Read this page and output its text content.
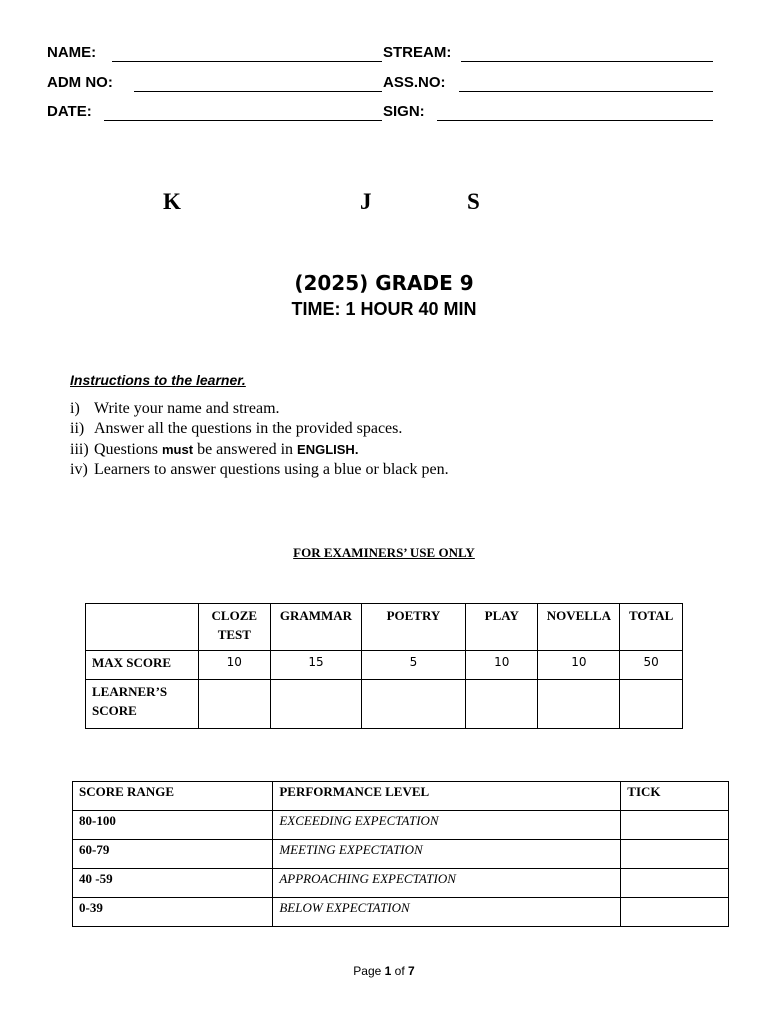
NAME:	STREAM:
ADM NO:	ASS.NO:
DATE:	SIGN:
K	J	S
(2025) GRADE 9
TIME: 1 HOUR 40 MIN
Instructions to the learner.
i) Write your name and stream.
ii) Answer all the questions in the provided spaces.
iii) Questions must be answered in ENGLISH.
iv) Learners to answer questions using a blue or black pen.
FOR EXAMINERS’ USE ONLY
	CLOZE TEST	GRAMMAR	POETRY	PLAY	NOVELLA	TOTAL
MAX SCORE	10	15	5	10	10	50
LEARNER’S SCORE						
SCORE RANGE	PERFORMANCE LEVEL	TICK
80-100	EXCEEDING EXPECTATION	
60-79	MEETING EXPECTATION	
40 -59	APPROACHING EXPECTATION	
0-39	BELOW EXPECTATION	
Page 1 of 7
